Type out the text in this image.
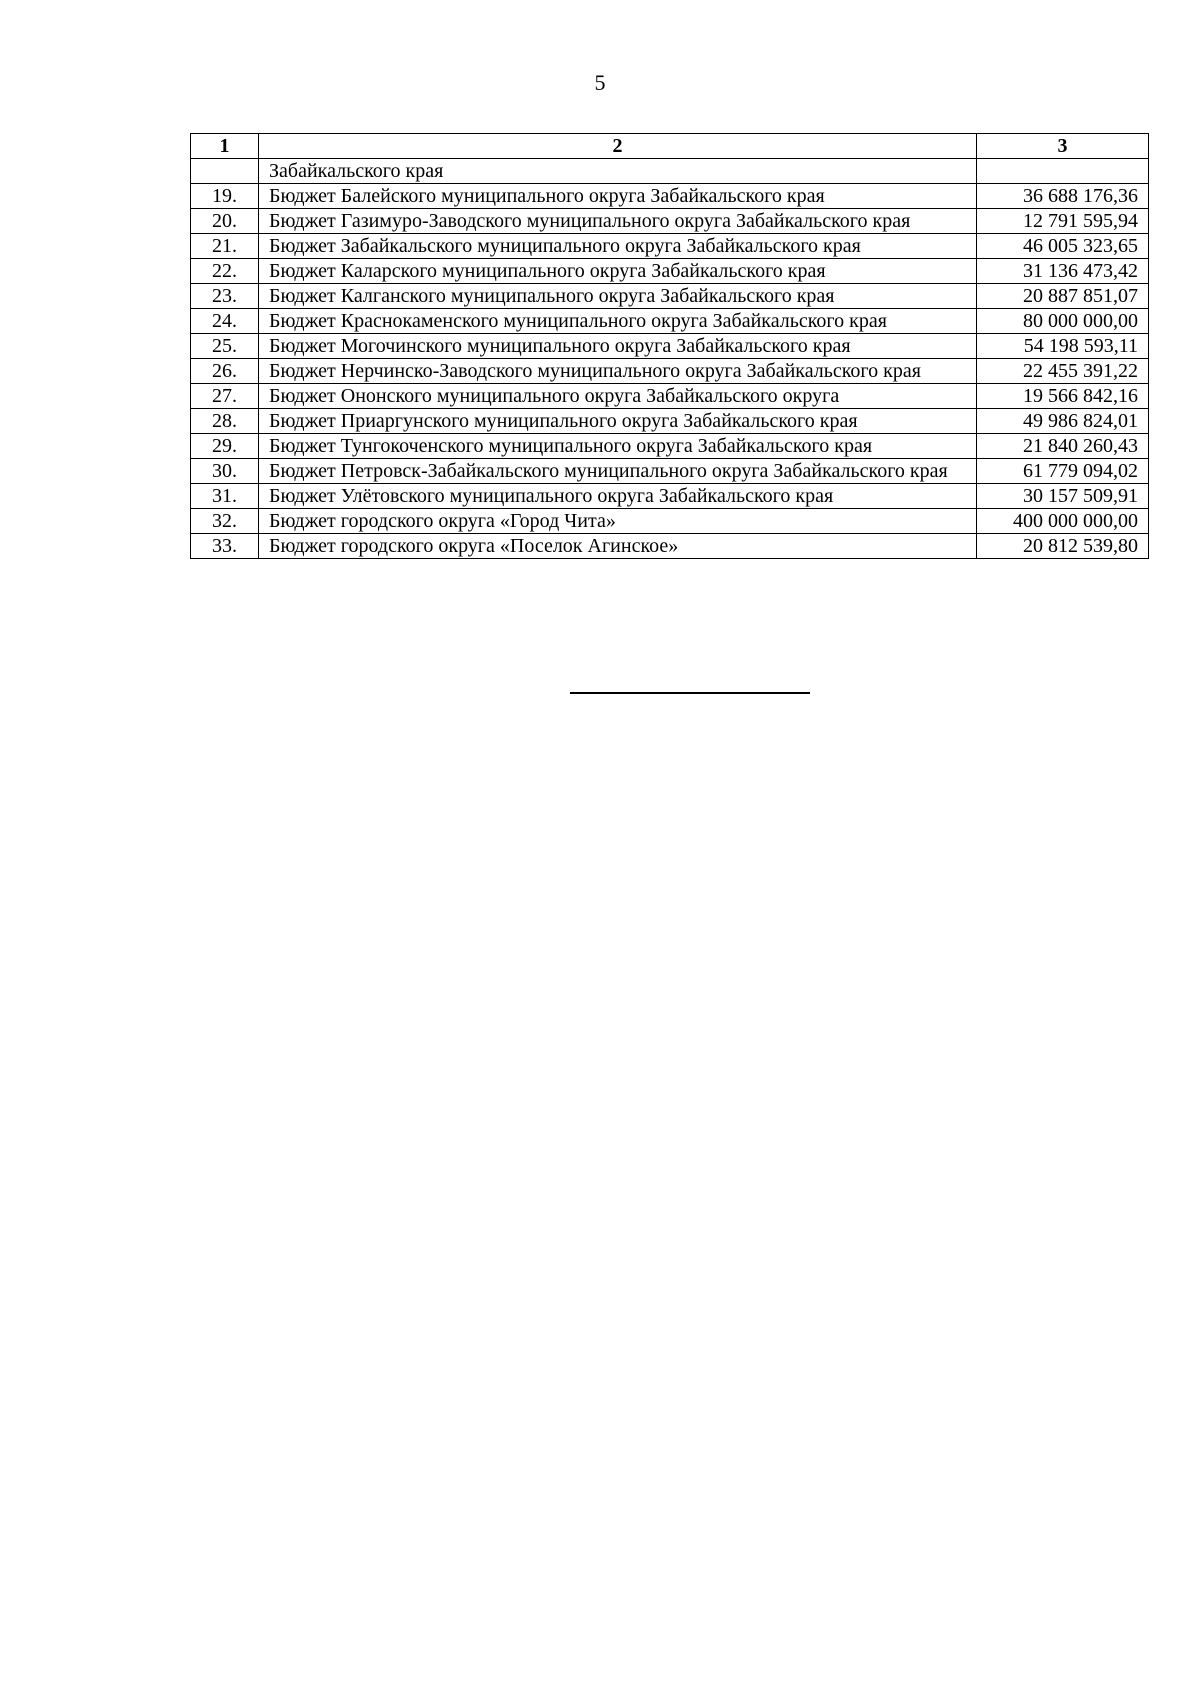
5
1	2	3
	Забайкальского края	
19.	Бюджет Балейского муниципального округа Забайкальского края	36 688 176,36
20.	Бюджет Газимуро-Заводского муниципального округа Забайкальского края	12 791 595,94
21.	Бюджет Забайкальского муниципального округа Забайкальского края	46 005 323,65
22.	Бюджет Каларского муниципального округа Забайкальского края	31 136 473,42
23.	Бюджет Калганского муниципального округа Забайкальского края	20 887 851,07
24.	Бюджет Краснокаменского муниципального округа Забайкальского края	80 000 000,00
25.	Бюджет Могочинского муниципального округа Забайкальского края	54 198 593,11
26.	Бюджет Нерчинско-Заводского муниципального округа Забайкальского края	22 455 391,22
27.	Бюджет Ононского муниципального округа Забайкальского округа	19 566 842,16
28.	Бюджет Приаргунского муниципального округа Забайкальского края	49 986 824,01
29.	Бюджет Тунгокоченского муниципального округа Забайкальского края	21 840 260,43
30.	Бюджет Петровск-Забайкальского муниципального округа Забайкальского края	61 779 094,02
31.	Бюджет Улётовского муниципального округа Забайкальского края	30 157 509,91
32.	Бюджет городского округа «Город Чита»	400 000 000,00
33.	Бюджет городского округа «Поселок Агинское»	20 812 539,80
